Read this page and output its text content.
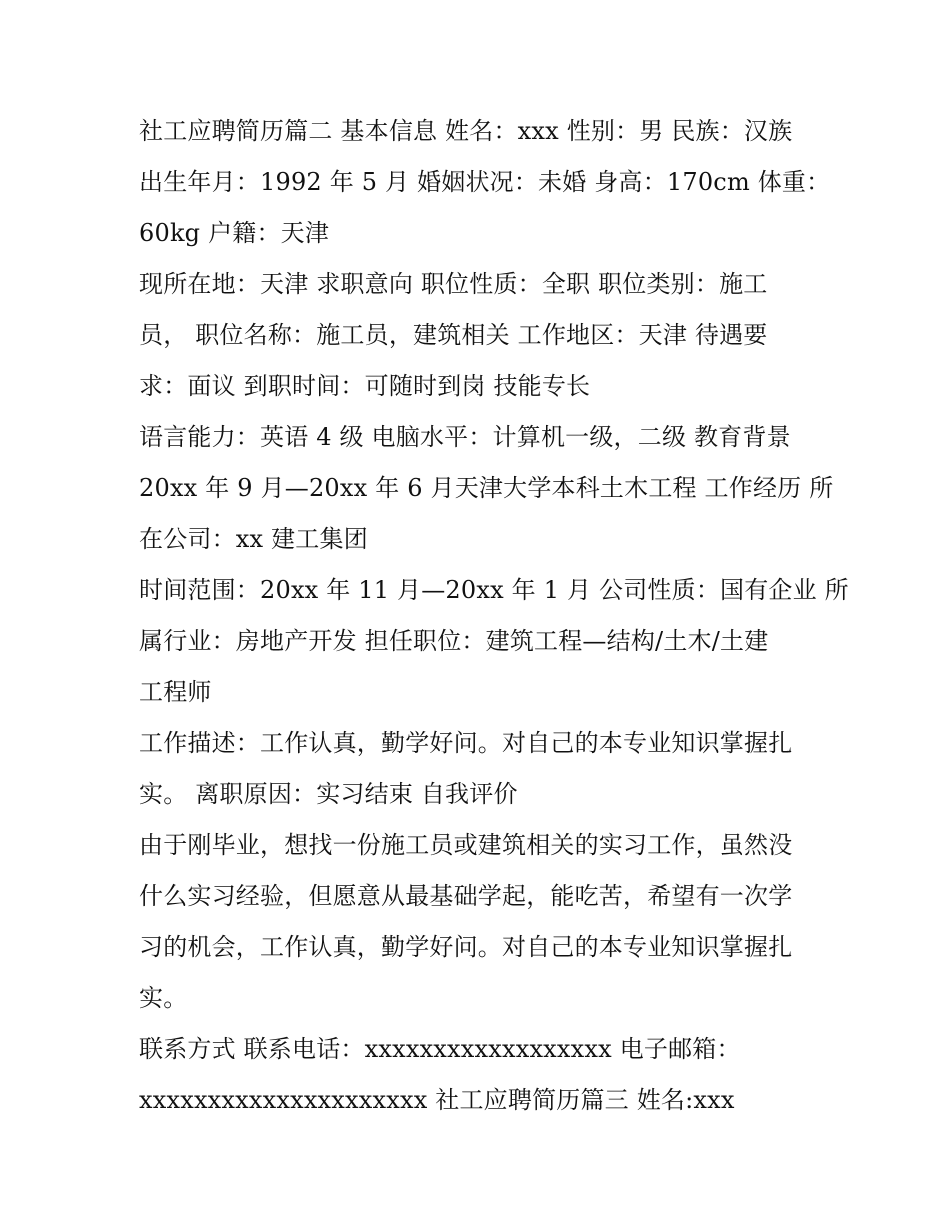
社工应聘简历篇二 基本信息 姓名：xxx 性别：男 民族：汉族
出生年月：1992 年 5 月 婚姻状况：未婚 身高：170cm 体重：
60kg 户籍：天津
现所在地：天津 求职意向 职位性质：全职 职位类别：施工
员， 职位名称：施工员，建筑相关 工作地区：天津 待遇要
求：面议 到职时间：可随时到岗 技能专长
语言能力：英语 4 级 电脑水平：计算机一级，二级 教育背景
20xx 年 9 月—20xx 年 6 月天津大学本科土木工程 工作经历 所
在公司：xx 建工集团
时间范围：20xx 年 11 月—20xx 年 1 月 公司性质：国有企业 所
属行业：房地产开发 担任职位：建筑工程—结构/土木/土建
工程师
工作描述：工作认真，勤学好问。对自己的本专业知识掌握扎
实。 离职原因：实习结束 自我评价
由于刚毕业，想找一份施工员或建筑相关的实习工作，虽然没
什么实习经验，但愿意从最基础学起，能吃苦，希望有一次学
习的机会，工作认真，勤学好问。对自己的本专业知识掌握扎
实。
联系方式 联系电话：xxxxxxxxxxxxxxxxxx 电子邮箱：
xxxxxxxxxxxxxxxxxxxxx 社工应聘简历篇三 姓名:xxx
